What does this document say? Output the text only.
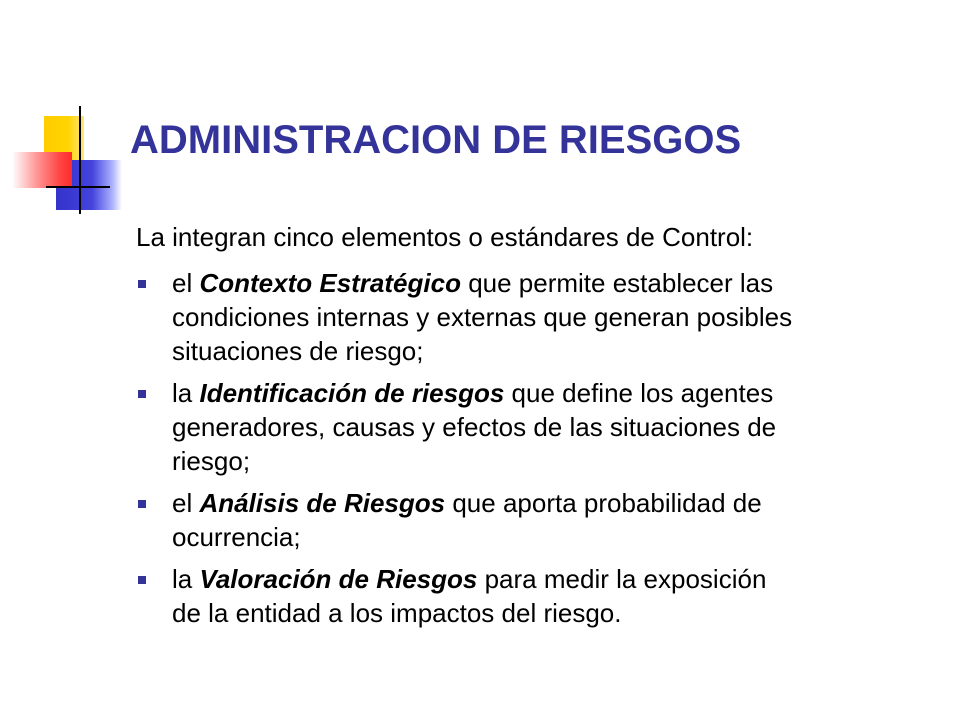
ADMINISTRACION DE RIESGOS

La integran cinco elementos o estándares de Control:

el Contexto Estratégico que permite establecer las
condiciones internas y externas que generan posibles
situaciones de riesgo;
la Identificación de riesgos que define los agentes
generadores, causas y efectos de las situaciones de
riesgo;
el Análisis de Riesgos que aporta probabilidad de
ocurrencia;
la Valoración de Riesgos para medir la exposición
de la entidad a los impactos del riesgo.
